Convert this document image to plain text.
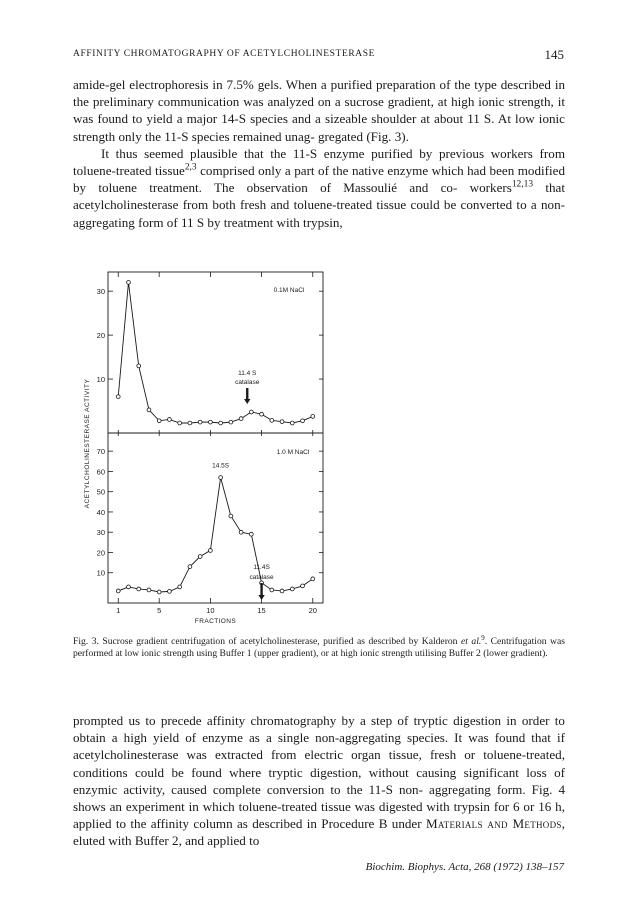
AFFINITY CHROMATOGRAPHY OF ACETYLCHOLINESTERASE	145

amide-gel electrophoresis in 7.5% gels. When a purified preparation of the type described in the preliminary communication was analyzed on a sucrose gradient, at high ionic strength, it was found to yield a major 14-S species and a sizeable shoulder at about 11 S. At low ionic strength only the 11-S species remained unag- gregated (Fig. 3).

It thus seemed plausible that the 11-S enzyme purified by previous workers from toluene-treated tissue$^{2,3}$ comprised only a part of the native enzyme which had been modified by toluene treatment. The observation of Massoulié and co- workers$^{12,13}$ that acetylcholinesterase from both fresh and toluene-treated tissue could be converted to a non-aggregating form of 11 S by treatment with trypsin,

1	5	10	15	20
FRACTIONS
10
20
30
10
20
30
40
50
60
70
ACETYLCHOLINESTERASE ACTIVITY
0.1M NaCl
1.0 M NaCl
11.4 S
catalase
14.5S
11.4S
catalase

Fig. 3. Sucrose gradient centrifugation of acetylcholinesterase, purified as described by Kalderon et al.$^9$. Centrifugation was performed at low ionic strength using Buffer 1 (upper gradient), or at high ionic strength utilising Buffer 2 (lower gradient).

prompted us to precede affinity chromatography by a step of tryptic digestion in order to obtain a high yield of enzyme as a single non-aggregating species. It was found that if acetylcholinesterase was extracted from electric organ tissue, fresh or toluene-treated, conditions could be found where tryptic digestion, without causing significant loss of enzymic activity, caused complete conversion to the 11-S non- aggregating form. Fig. 4 shows an experiment in which toluene-treated tissue was digested with trypsin for 6 or 16 h, applied to the affinity column as described in Procedure B under Materials and Methods, eluted with Buffer 2, and applied to

Biochim. Biophys. Acta, 268 (1972) 138–157
